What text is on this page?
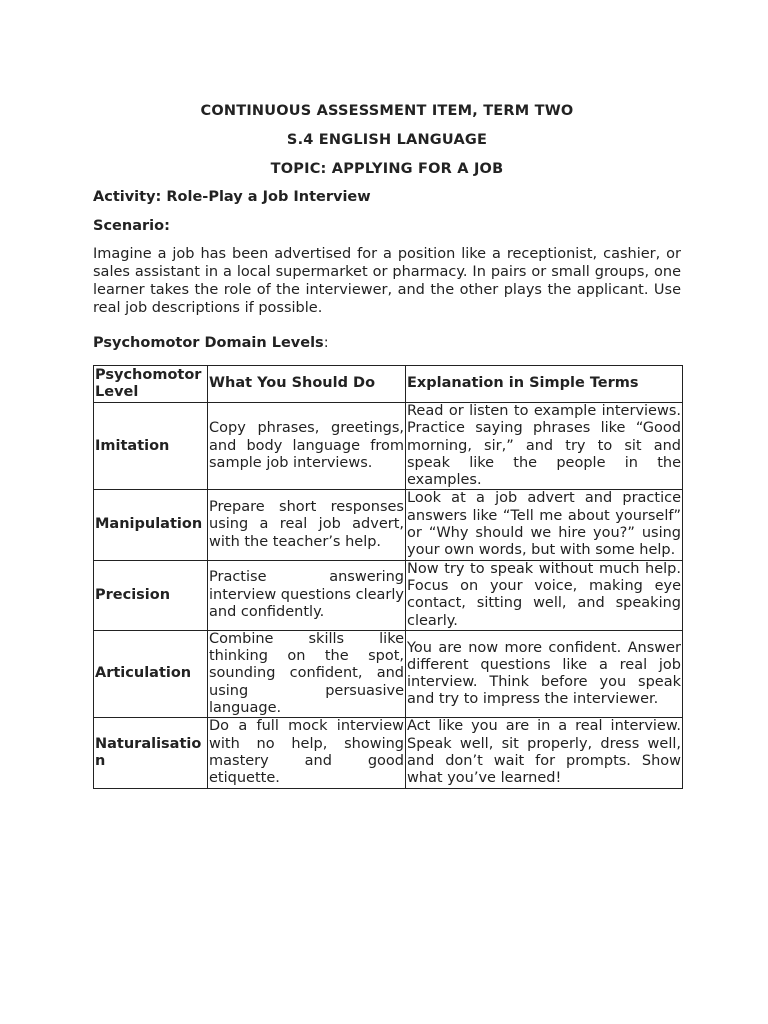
CONTINUOUS ASSESSMENT ITEM, TERM TWO
S.4 ENGLISH LANGUAGE
TOPIC: APPLYING FOR A JOB
Activity: Role-Play a Job Interview
Scenario:
Imagine a job has been advertised for a position like a receptionist, cashier, or sales assistant in a local supermarket or pharmacy. In pairs or small groups, one learner takes the role of the interviewer, and the other plays the applicant. Use real job descriptions if possible.
Psychomotor Domain Levels:
Psychomotor Level	What You Should Do	Explanation in Simple Terms
Imitation	Copy phrases, greetings, and body language from sample job interviews.	Read or listen to example interviews. Practice saying phrases like “Good morning, sir,” and try to sit and speak like the people in the examples.
Manipulation	Prepare short responses using a real job advert, with the teacher’s help.	Look at a job advert and practice answers like “Tell me about yourself” or “Why should we hire you?” using your own words, but with some help.
Precision	Practise answering interview questions clearly and confidently.	Now try to speak without much help. Focus on your voice, making eye contact, sitting well, and speaking clearly.
Articulation	Combine skills like thinking on the spot, sounding confident, and using persuasive language.	You are now more confident. Answer different questions like a real job interview. Think before you speak and try to impress the interviewer.
Naturalisation	Do a full mock interview with no help, showing mastery and good etiquette.	Act like you are in a real interview. Speak well, sit properly, dress well, and don’t wait for prompts. Show what you’ve learned!
